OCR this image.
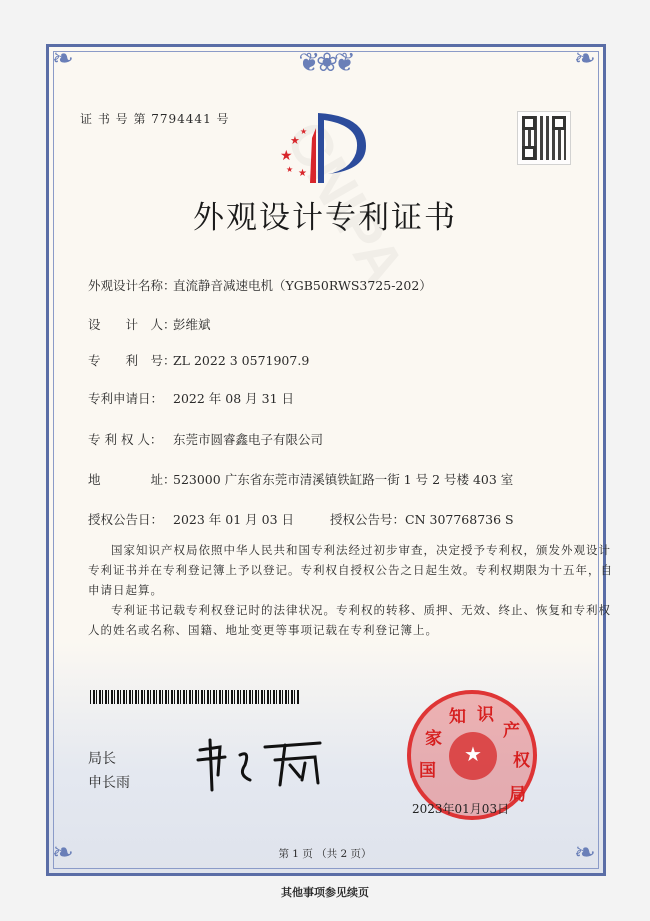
❦❀❦
❧	❧
❧	❧
证 书 号 第 7794441 号
★
★
★
★
★
外观设计专利证书
外观设计名称：直流静音减速电机（YGB50RWS3725-202）
设　　计　人：彭维斌
专　　利　号：ZL 2022 3 0571907.9
专利申请日： 2022 年 08 月 31 日
专 利 权 人： 东莞市圆睿鑫电子有限公司
地　　　　址：523000 广东省东莞市清溪镇铁缸路一街 1 号 2 号楼 403 室
授权公告日： 2023 年 01 月 03 日	授权公告号：CN 307768736 S
国家知识产权局依照中华人民共和国专利法经过初步审查，决定授予专利权，颁发外观设计专利证书并在专利登记簿上予以登记。专利权自授权公告之日起生效。专利权期限为十五年，自申请日起算。
专利证书记载专利权登记时的法律状况。专利权的转移、质押、无效、终止、恢复和专利权人的姓名或名称、国籍、地址变更等事项记载在专利登记簿上。
局长
申长雨
国
家
知 识
产
权
局
★
2023年01月03日
第 1 页 （共 2 页）
其他事项参见续页
